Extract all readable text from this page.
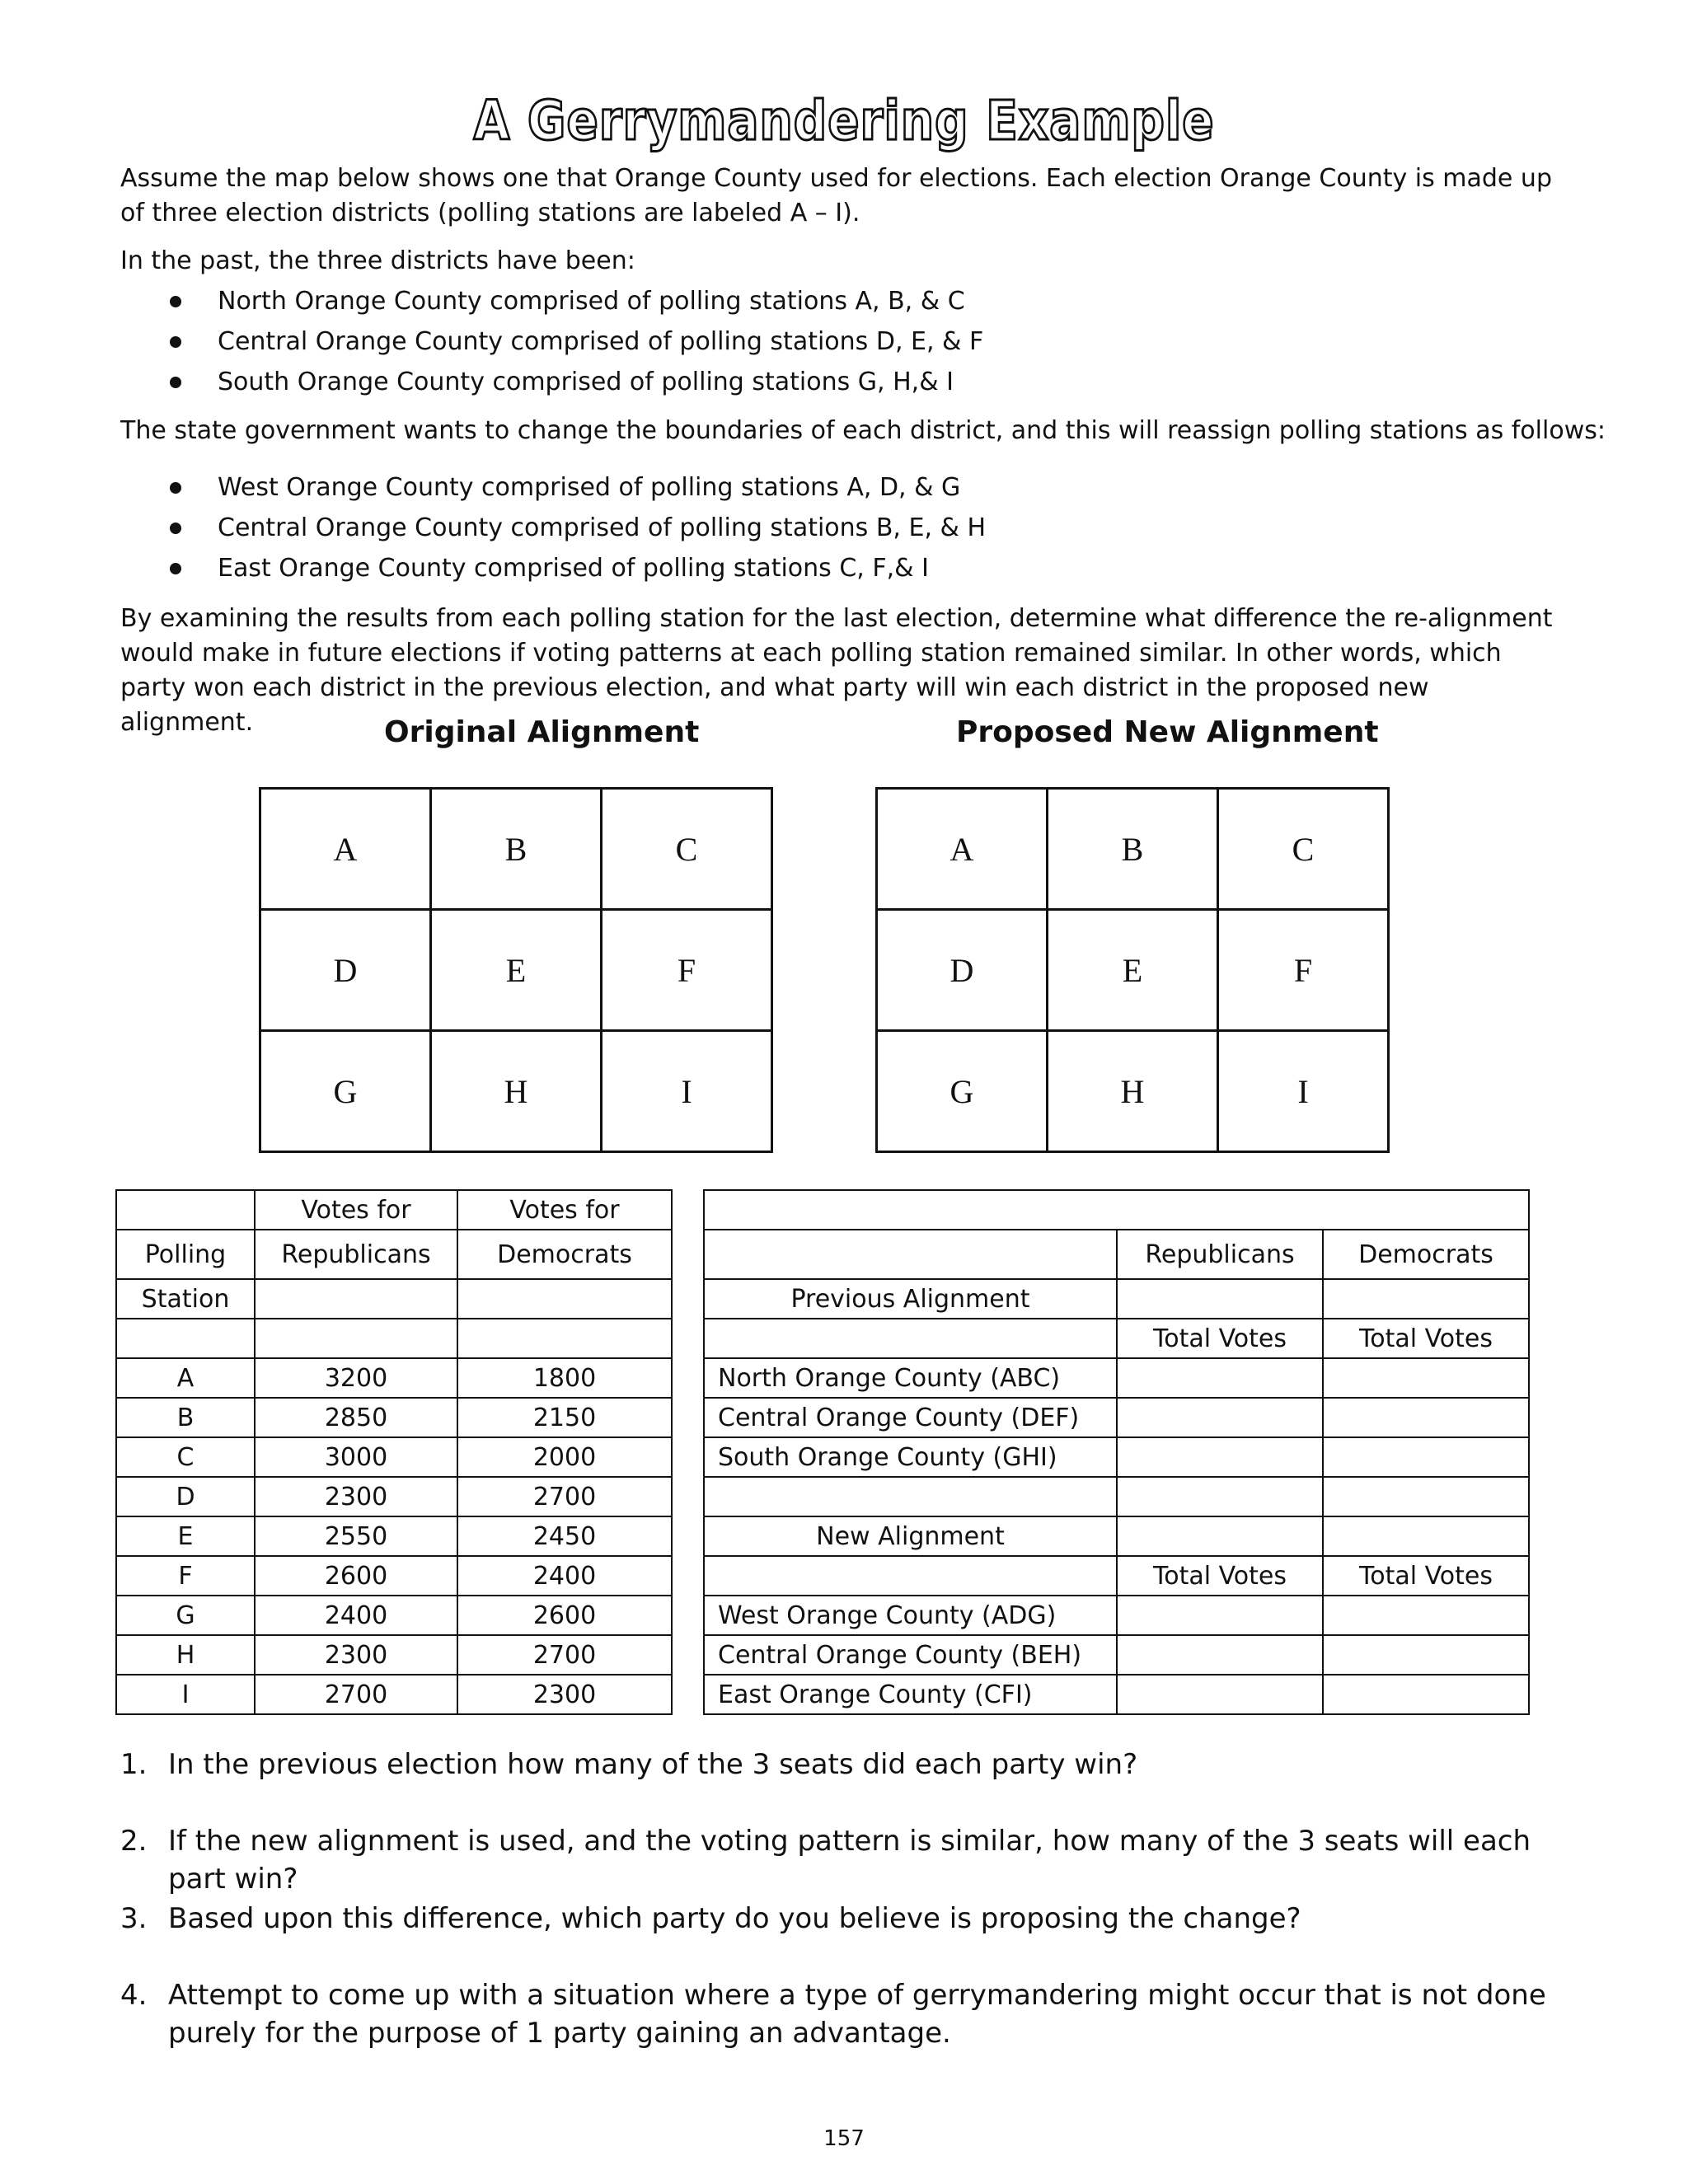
A Gerrymandering Example
Assume the map below shows one that Orange County used for elections. Each election Orange County is made up of three election districts (polling stations are labeled A – I).
In the past, the three districts have been:
North Orange County comprised of polling stations A, B, & C
Central Orange County comprised of polling stations D, E, & F
South Orange County comprised of polling stations G, H,& I
The state government wants to change the boundaries of each district, and this will reassign polling stations as follows:
West Orange County comprised of polling stations A, D, & G
Central Orange County comprised of polling stations B, E, & H
East Orange County comprised of polling stations C, F,& I
By examining the results from each polling station for the last election, determine what difference the re-alignment would make in future elections if voting patterns at each polling station remained similar. In other words, which party won each district in the previous election, and what party will win each district in the proposed new alignment.	Original Alignment	Proposed New Alignment
A	B	C
D	E	F
G	H	I
A	B	C
D	E	F
G	H	I
	Votes for	Votes for
Polling	Republicans	Democrats
Station		

A	3200	1800
B	2850	2150
C	3000	2000
D	2300	2700
E	2550	2450
F	2600	2400
G	2400	2600
H	2300	2700
I	2700	2300

	Republicans	Democrats
Previous Alignment		
	Total Votes	Total Votes
North Orange County (ABC)		
Central Orange County (DEF)		
South Orange County (GHI)		

New Alignment		
	Total Votes	Total Votes
West Orange County (ADG)		
Central Orange County (BEH)		
East Orange County (CFI)		
1. In the previous election how many of the 3 seats did each party win?
2. If the new alignment is used, and the voting pattern is similar, how many of the 3 seats will each part win?
3. Based upon this difference, which party do you believe is proposing the change?
4. Attempt to come up with a situation where a type of gerrymandering might occur that is not done purely for the purpose of 1 party gaining an advantage.
157
